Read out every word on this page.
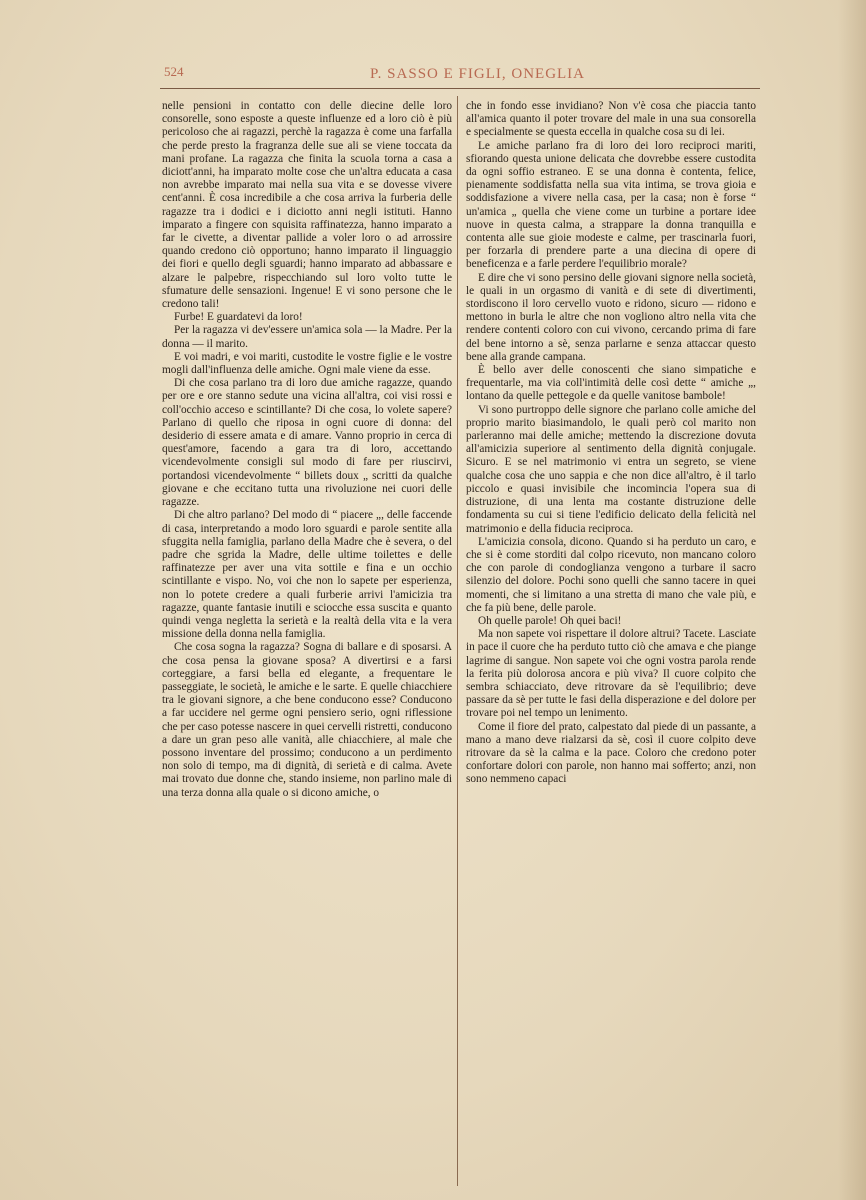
524	P. SASSO E FIGLI, ONEGLIA

nelle pensioni in contatto con delle diecine delle loro consorelle, sono esposte a queste influenze ed a loro ciò è più pericoloso che ai ragazzi, perchè la ragazza è come una farfalla che perde presto la fragranza delle sue ali se viene toccata da mani profane. La ragazza che finita la scuola torna a casa a diciott'anni, ha imparato molte cose che un'altra educata a casa non avrebbe imparato mai nella sua vita e se dovesse vivere cent'anni. È cosa incredibile a che cosa arriva la furberia delle ragazze tra i dodici e i diciotto anni negli istituti. Hanno imparato a fingere con squisita raffinatezza, hanno imparato a far le civette, a diventar pallide a voler loro o ad arrossire quando credono ciò opportuno; hanno imparato il linguaggio dei fiori e quello degli sguardi; hanno imparato ad abbassare e alzare le palpebre, rispecchiando sul loro volto tutte le sfumature delle sensazioni. Ingenue! E vi sono persone che le credono tali!

Furbe! E guardatevi da loro!

Per la ragazza vi dev'essere un'amica sola — la Madre. Per la donna — il marito.

E voi madri, e voi mariti, custodite le vostre figlie e le vostre mogli dall'influenza delle amiche. Ogni male viene da esse.

Di che cosa parlano tra di loro due amiche ragazze, quando per ore e ore stanno sedute una vicina all'altra, coi visi rossi e coll'occhio acceso e scintillante? Di che cosa, lo volete sapere? Parlano di quello che riposa in ogni cuore di donna: del desiderio di essere amata e di amare. Vanno proprio in cerca di quest'amore, facendo a gara tra di loro, accettando vicendevolmente consigli sul modo di fare per riuscirvi, portandosi vicendevolmente “ billets doux „ scritti da qualche giovane e che eccitano tutta una rivoluzione nei cuori delle ragazze.

Di che altro parlano? Del modo di “ piacere „, delle faccende di casa, interpretando a modo loro sguardi e parole sentite alla sfuggita nella famiglia, parlano della Madre che è severa, o del padre che sgrida la Madre, delle ultime toilettes e delle raffinatezze per aver una vita sottile e fina e un occhio scintillante e vispo. No, voi che non lo sapete per esperienza, non lo potete credere a quali furberie arrivi l'amicizia tra ragazze, quante fantasie inutili e sciocche essa suscita e quanto quindi venga negletta la serietà e la realtà della vita e la vera missione della donna nella famiglia.

Che cosa sogna la ragazza? Sogna di ballare e di sposarsi. A che cosa pensa la giovane sposa? A divertirsi e a farsi corteggiare, a farsi bella ed elegante, a frequentare le passeggiate, le società, le amiche e le sarte. E quelle chiacchiere tra le giovani signore, a che bene conducono esse? Conducono a far uccidere nel germe ogni pensiero serio, ogni riflessione che per caso potesse nascere in quei cervelli ristretti, conducono a dare un gran peso alle vanità, alle chiacchiere, al male che possono inventare del prossimo; conducono a un perdimento non solo di tempo, ma di dignità, di serietà e di calma. Avete mai trovato due donne che, stando insieme, non parlino male di una terza donna alla quale o si dicono amiche, o

che in fondo esse invidiano? Non v'è cosa che piaccia tanto all'amica quanto il poter trovare del male in una sua consorella e specialmente se questa eccella in qualche cosa su di lei.

Le amiche parlano fra di loro dei loro reciproci mariti, sfiorando questa unione delicata che dovrebbe essere custodita da ogni soffio estraneo. E se una donna è contenta, felice, pienamente soddisfatta nella sua vita intima, se trova gioia e soddisfazione a vivere nella casa, per la casa; non è forse “ un'amica „ quella che viene come un turbine a portare idee nuove in questa calma, a strappare la donna tranquilla e contenta alle sue gioie modeste e calme, per trascinarla fuori, per forzarla di prendere parte a una diecina di opere di beneficenza e a farle perdere l'equilibrio morale?

E dire che vi sono persino delle giovani signore nella società, le quali in un orgasmo di vanità e di sete di divertimenti, stordiscono il loro cervello vuoto e ridono, sicuro — ridono e mettono in burla le altre che non vogliono altro nella vita che rendere contenti coloro con cui vivono, cercando prima di fare del bene intorno a sè, senza parlarne e senza attaccar questo bene alla grande campana.

È bello aver delle conoscenti che siano simpatiche e frequentarle, ma via coll'intimità delle così dette “ amiche „, lontano da quelle pettegole e da quelle vanitose bambole!

Vi sono purtroppo delle signore che parlano colle amiche del proprio marito biasimandolo, le quali però col marito non parleranno mai delle amiche; mettendo la discrezione dovuta all'amicizia superiore al sentimento della dignità conjugale. Sicuro. E se nel matrimonio vi entra un segreto, se viene qualche cosa che uno sappia e che non dice all'altro, è il tarlo piccolo e quasi invisibile che incomincia l'opera sua di distruzione, di una lenta ma costante distruzione delle fondamenta su cui si tiene l'edificio delicato della felicità nel matrimonio e della fiducia reciproca.

L'amicizia consola, dicono. Quando si ha perduto un caro, e che si è come storditi dal colpo ricevuto, non mancano coloro che con parole di condoglianza vengono a turbare il sacro silenzio del dolore. Pochi sono quelli che sanno tacere in quei momenti, che si limitano a una stretta di mano che vale più, e che fa più bene, delle parole.

Oh quelle parole! Oh quei baci!

Ma non sapete voi rispettare il dolore altrui? Tacete. Lasciate in pace il cuore che ha perduto tutto ciò che amava e che piange lagrime di sangue. Non sapete voi che ogni vostra parola rende la ferita più dolorosa ancora e più viva? Il cuore colpito che sembra schiacciato, deve ritrovare da sè l'equilibrio; deve passare da sè per tutte le fasi della disperazione e del dolore per trovare poi nel tempo un lenimento.

Come il fiore del prato, calpestato dal piede di un passante, a mano a mano deve rialzarsi da sè, così il cuore colpito deve ritrovare da sè la calma e la pace. Coloro che credono poter confortare dolori con parole, non hanno mai sofferto; anzi, non sono nemmeno capaci
